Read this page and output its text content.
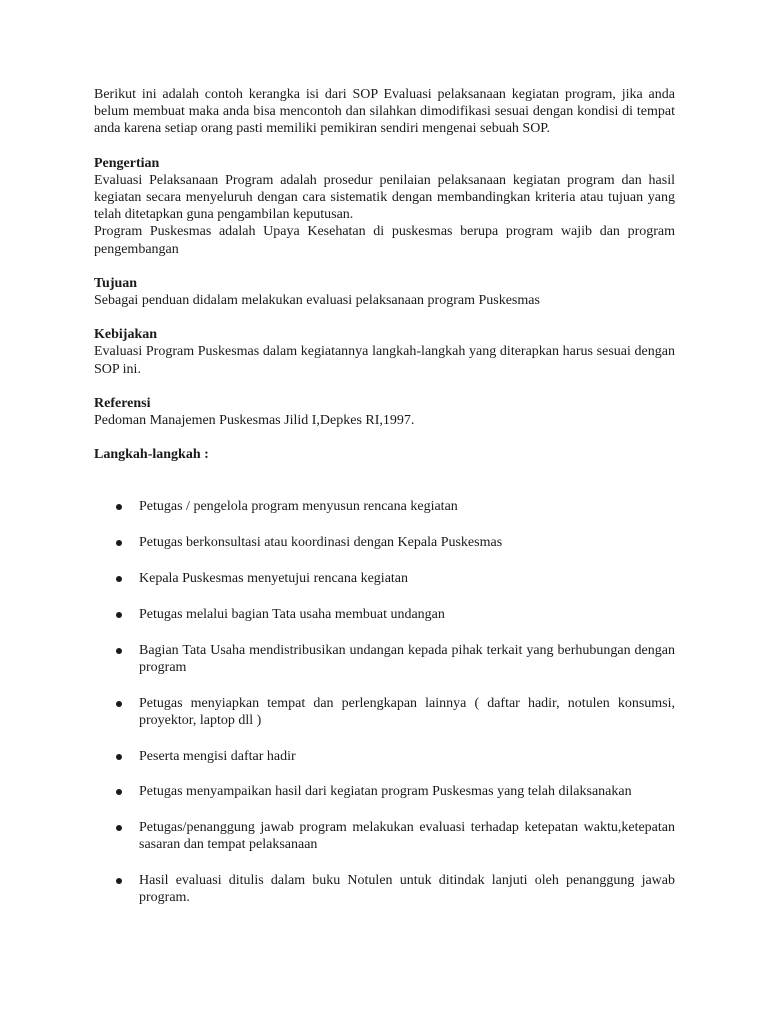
Berikut ini adalah contoh kerangka isi dari SOP Evaluasi pelaksanaan kegiatan program, jika anda belum membuat maka anda bisa mencontoh dan silahkan dimodifikasi sesuai dengan kondisi di tempat anda karena setiap orang pasti memiliki pemikiran sendiri mengenai sebuah SOP.

Pengertian

Evaluasi Pelaksanaan Program adalah prosedur penilaian pelaksanaan kegiatan program dan hasil kegiatan secara menyeluruh dengan cara sistematik dengan membandingkan kriteria atau tujuan yang telah ditetapkan guna pengambilan keputusan.

Program Puskesmas adalah Upaya Kesehatan di puskesmas berupa program wajib dan program pengembangan

Tujuan

Sebagai penduan didalam melakukan evaluasi pelaksanaan program Puskesmas

Kebijakan

Evaluasi Program Puskesmas dalam kegiatannya langkah-langkah yang diterapkan harus sesuai dengan SOP ini.

Referensi

Pedoman Manajemen Puskesmas Jilid I,Depkes RI,1997.

Langkah-langkah :

Petugas / pengelola program menyusun rencana kegiatan
Petugas berkonsultasi atau koordinasi dengan Kepala Puskesmas
Kepala Puskesmas menyetujui rencana kegiatan
Petugas melalui bagian Tata usaha membuat undangan
Bagian Tata Usaha mendistribusikan undangan kepada pihak terkait yang berhubungan dengan program
Petugas menyiapkan tempat dan perlengkapan lainnya ( daftar hadir, notulen konsumsi, proyektor, laptop dll )
Peserta mengisi daftar hadir
Petugas menyampaikan hasil dari kegiatan program Puskesmas yang telah dilaksanakan
Petugas/penanggung jawab program melakukan evaluasi terhadap ketepatan waktu,ketepatan sasaran dan tempat pelaksanaan
Hasil evaluasi ditulis dalam buku Notulen untuk ditindak lanjuti oleh penanggung jawab program.
